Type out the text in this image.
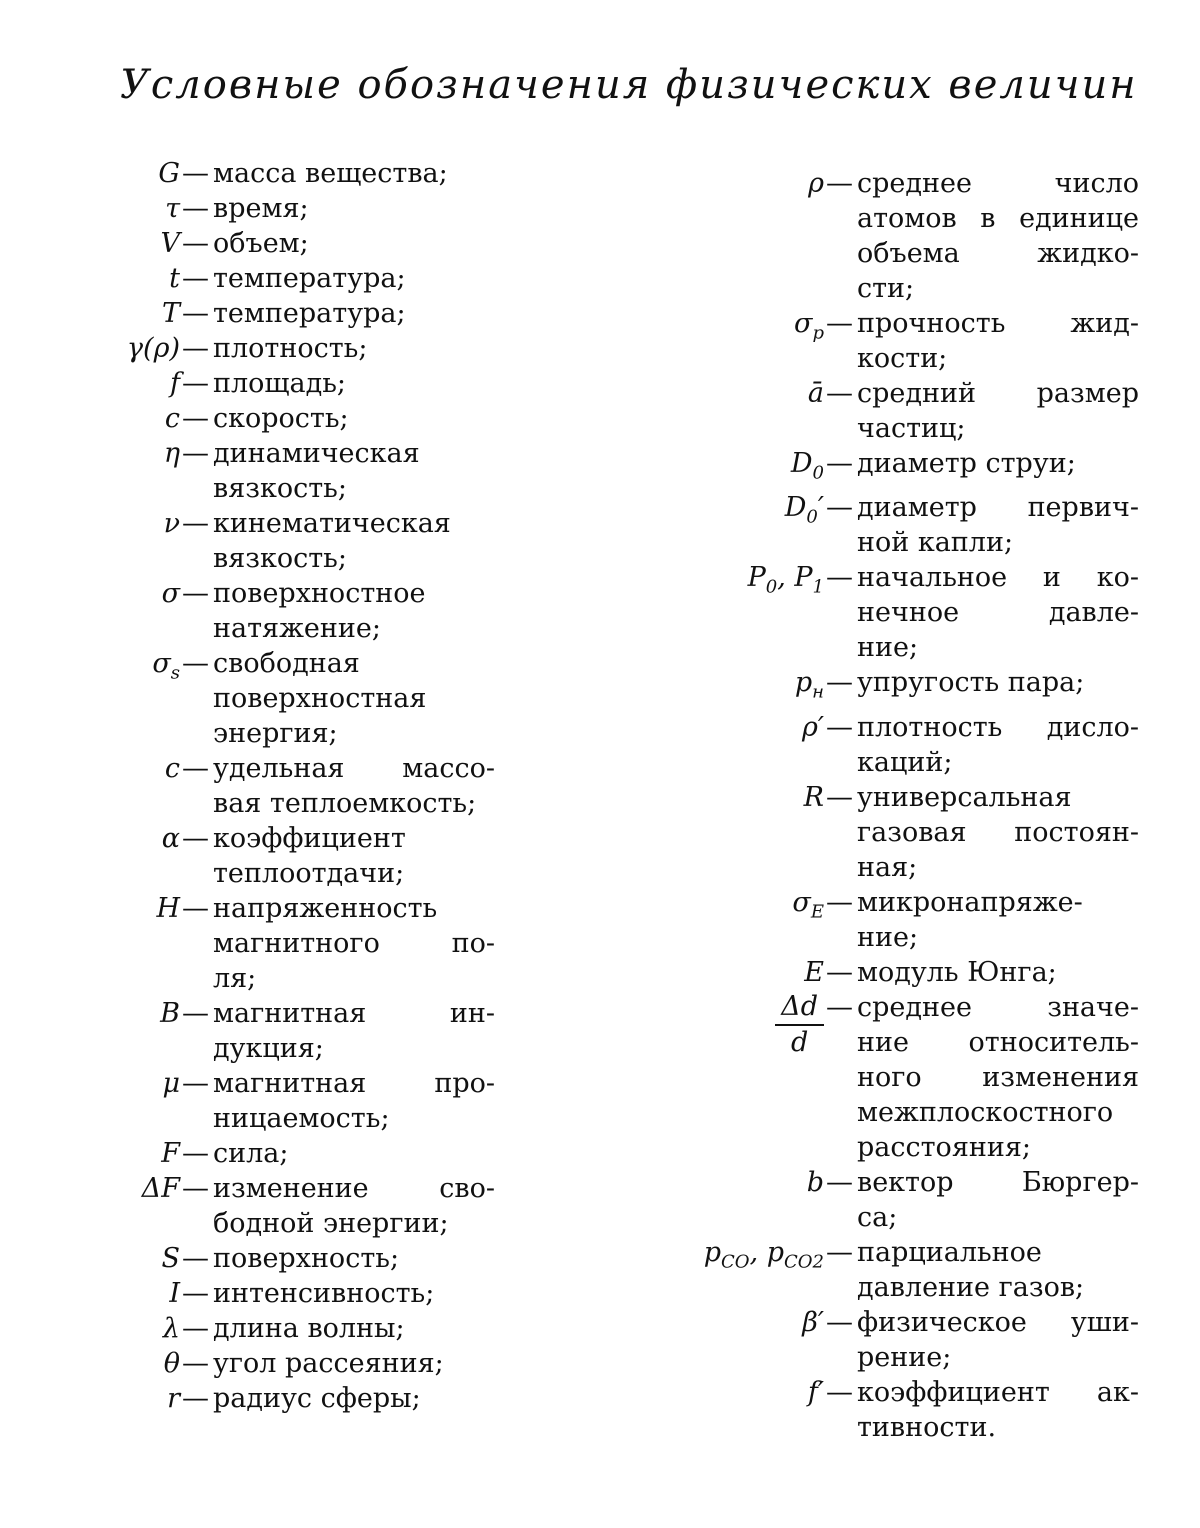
Условные обозначения физических величин
G — масса вещества;
τ — время;
V — объем;
t — температура;
T — температура;
γ(ρ) — плотность;
f — площадь;
c — скорость;
η — динамическая
вязкость;
ν — кинематическая
вязкость;
σ — поверхностное
натяжение;
$\sigma_s$ — свободная
поверхностная
энергия;
c — удельная массо-
вая теплоемкость;
α — коэффициент
теплоотдачи;
H — напряженность
магнитного по-
ля;
B — магнитная ин-
дукция;
μ — магнитная про-
ницаемость;
F — сила;
ΔF — изменение сво-
бодной энергии;
S — поверхность;
I — интенсивность;
λ — длина волны;
θ — угол рассеяния;
r — радиус сферы;
ρ — среднее число
атомов в единице
объема жидко-
сти;
$\sigma_p$ — прочность жид-
кости;
ā — средний размер
частиц;
$D_0$ — диаметр струи;
$D_0'$ — диаметр первич-
ной капли;
$P_0$, $P_1$ — начальное и ко-
нечное давле-
ние;
$p_н$ — упругость пара;
ρ′ — плотность дисло-
каций;
R — универсальная
газовая постоян-
ная;
$\sigma_E$ — микронапряже-
ние;
E — модуль Юнга;
$\frac{\Delta d}{d}$ — среднее значе-
ние относитель-
ного изменения
межплоскостного
расстояния;
b — вектор Бюргер-
са;
$p_{CO}$, $p_{CO2}$ — парциальное
давление газов;
β′ — физическое уши-
рение;
f′ — коэффициент ак-
тивности.
